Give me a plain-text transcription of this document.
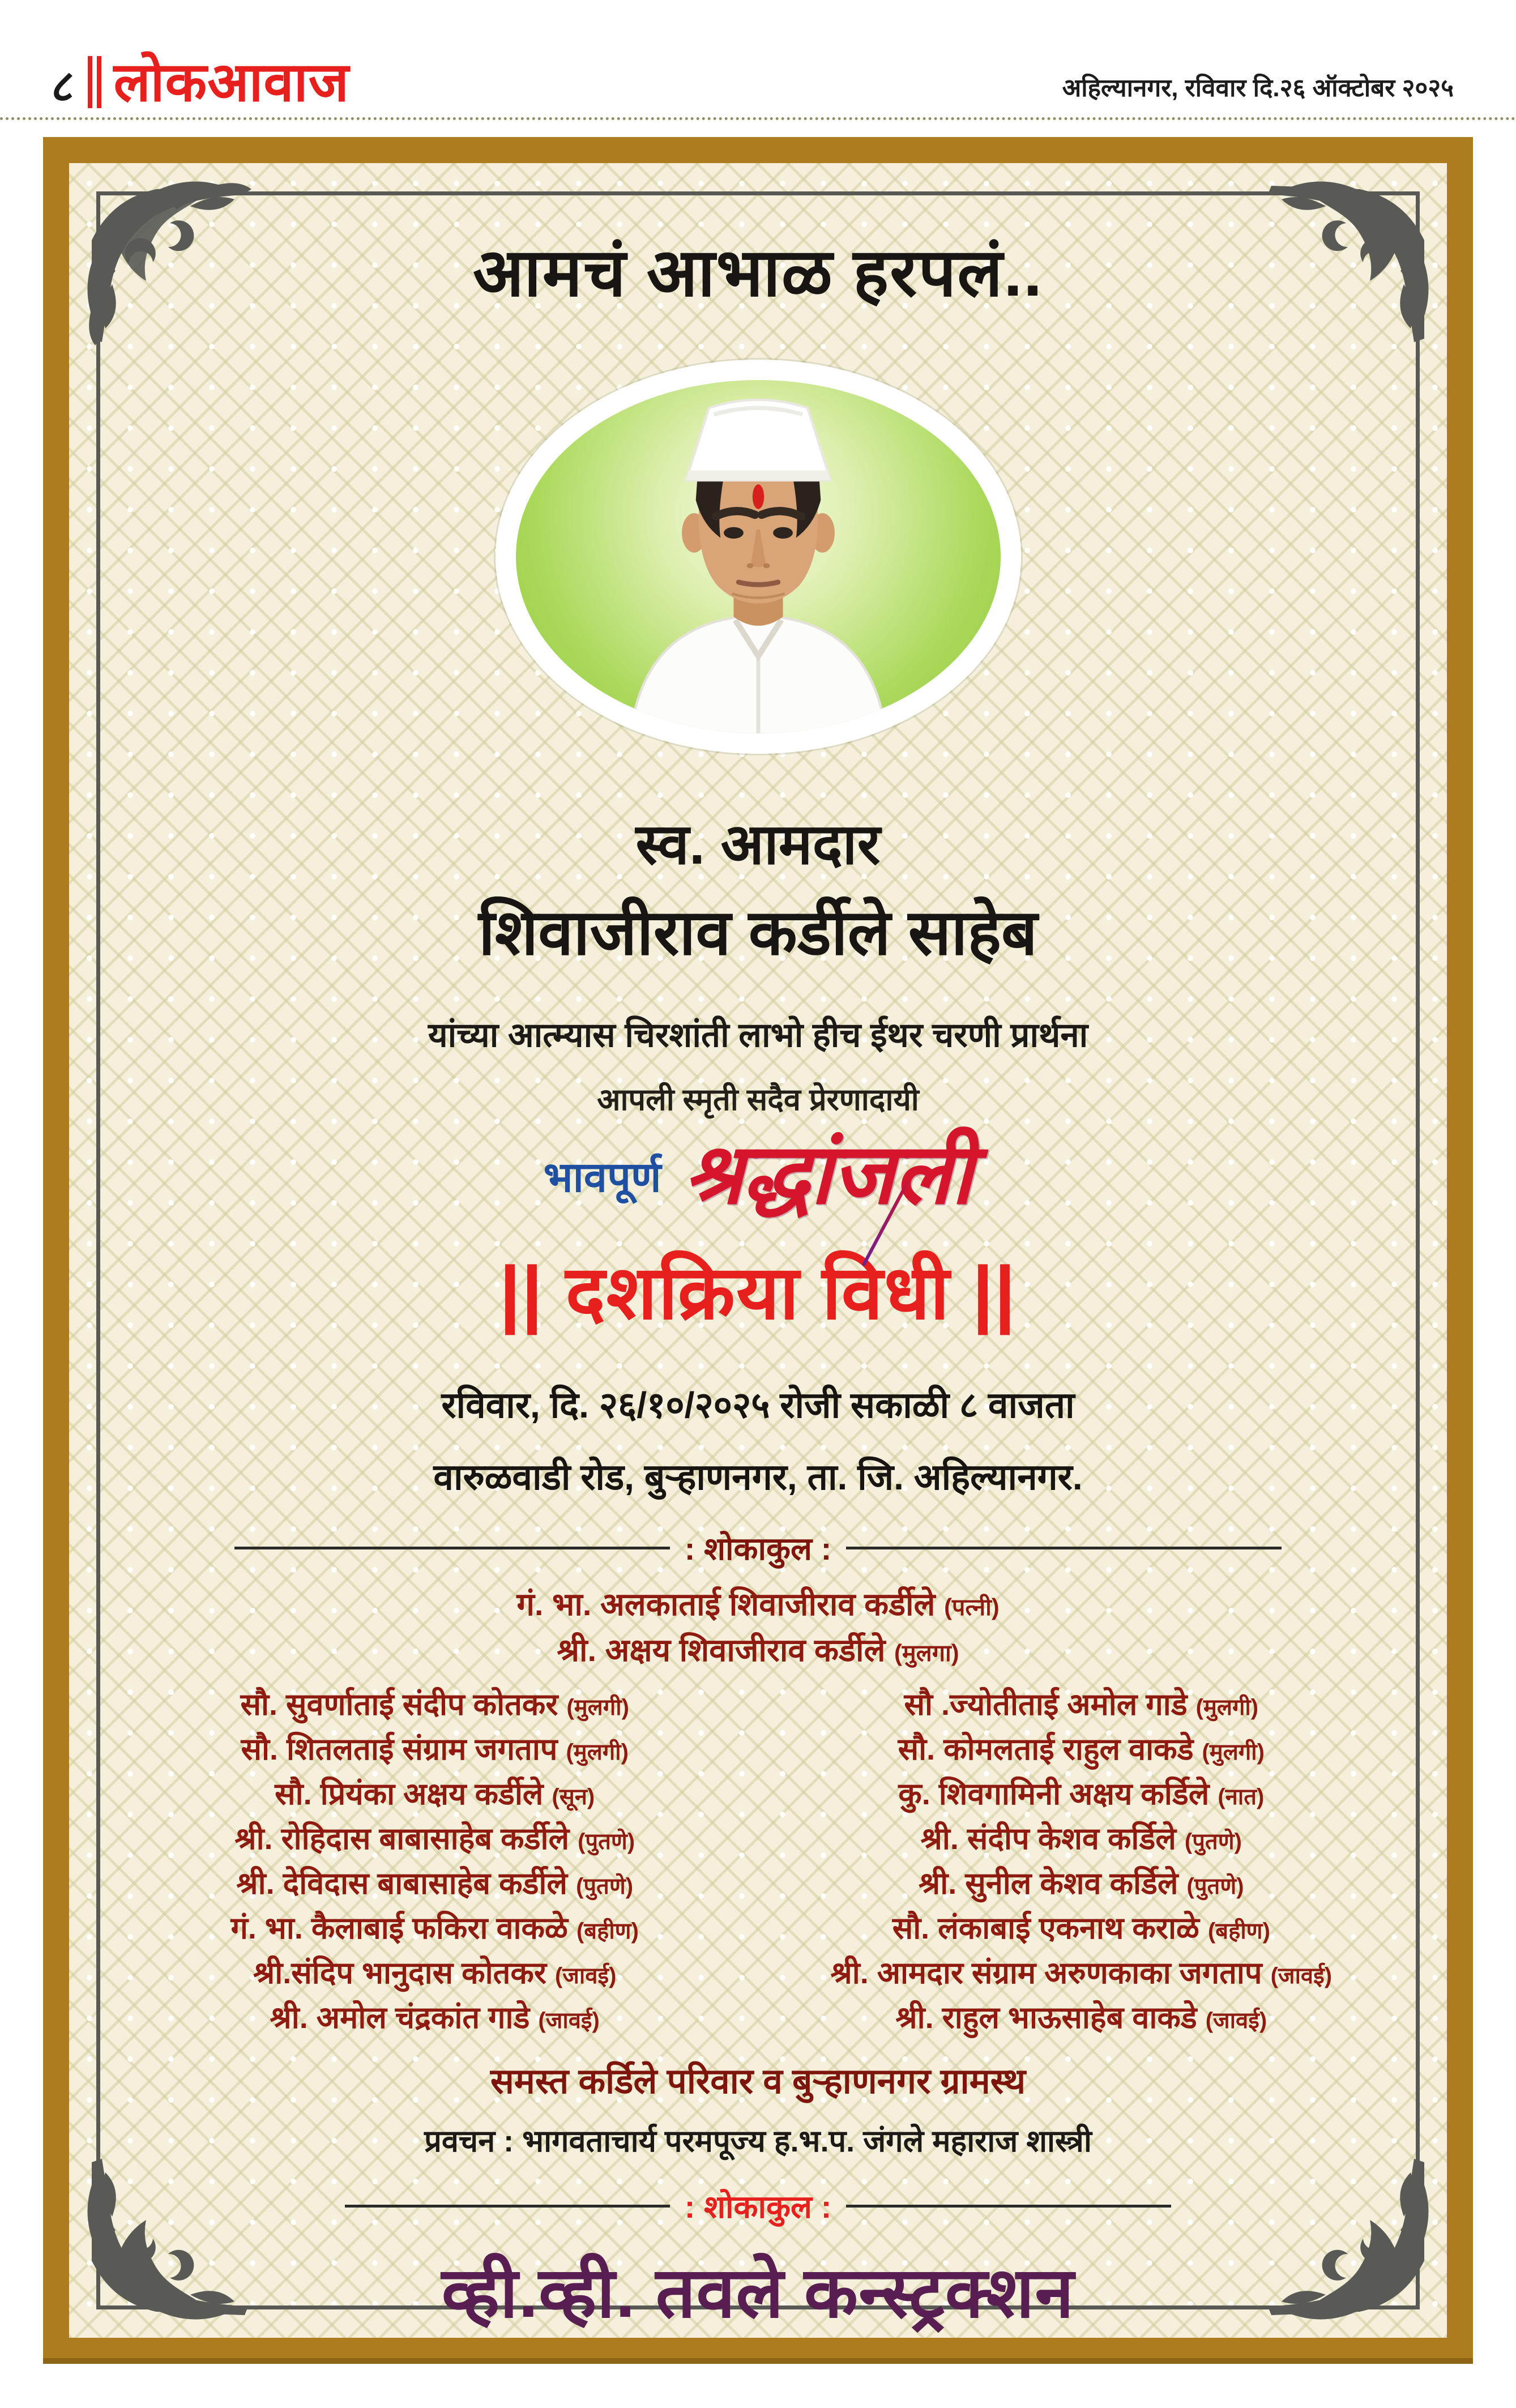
८ लोकआवाज	अहिल्यानगर, रविवार दि.२६ ऑक्टोबर २०२५
आमचं आभाळ हरपलं..
स्व. आमदार
शिवाजीराव कर्डीले साहेब
यांच्या आत्म्यास चिरशांती लाभो हीच ईथर चरणी प्रार्थना
आपली स्मृती सदैव प्रेरणादायी
भावपूर्ण श्रद्धांजली
|| दशक्रिया विधी ||
रविवार, दि. २६/१०/२०२५ रोजी सकाळी ८ वाजता
वारुळवाडी रोड, बुऱ्हाणनगर, ता. जि. अहिल्यानगर.
: शोकाकुल :
गं. भा. अलकाताई शिवाजीराव कर्डीले (पत्नी)
श्री. अक्षय शिवाजीराव कर्डीले (मुलगा)
सौ. सुवर्णाताई संदीप कोतकर (मुलगी)
सौ. शितलताई संग्राम जगताप (मुलगी)
सौ. प्रियंका अक्षय कर्डीले (सून)
श्री. रोहिदास बाबासाहेब कर्डीले (पुतणे)
श्री. देविदास बाबासाहेब कर्डीले (पुतणे)
गं. भा. कैलाबाई फकिरा वाकळे (बहीण)
श्री.संदिप भानुदास कोतकर (जावई)
श्री. अमोल चंद्रकांत गाडे (जावई)
सौ .ज्योतीताई अमोल गाडे (मुलगी)
सौ. कोमलताई राहुल वाकडे (मुलगी)
कु. शिवगामिनी अक्षय कर्डिले (नात)
श्री. संदीप केशव कर्डिले (पुतणे)
श्री. सुनील केशव कर्डिले (पुतणे)
सौ. लंकाबाई एकनाथ कराळे (बहीण)
श्री. आमदार संग्राम अरुणकाका जगताप (जावई)
श्री. राहुल भाऊसाहेब वाकडे (जावई)
समस्त कर्डिले परिवार व बुऱ्हाणनगर ग्रामस्थ
प्रवचन : भागवताचार्य परमपूज्य ह.भ.प. जंगले महाराज शास्त्री
: शोकाकुल :
व्ही.व्ही. तवले कन्स्ट्रक्शन
